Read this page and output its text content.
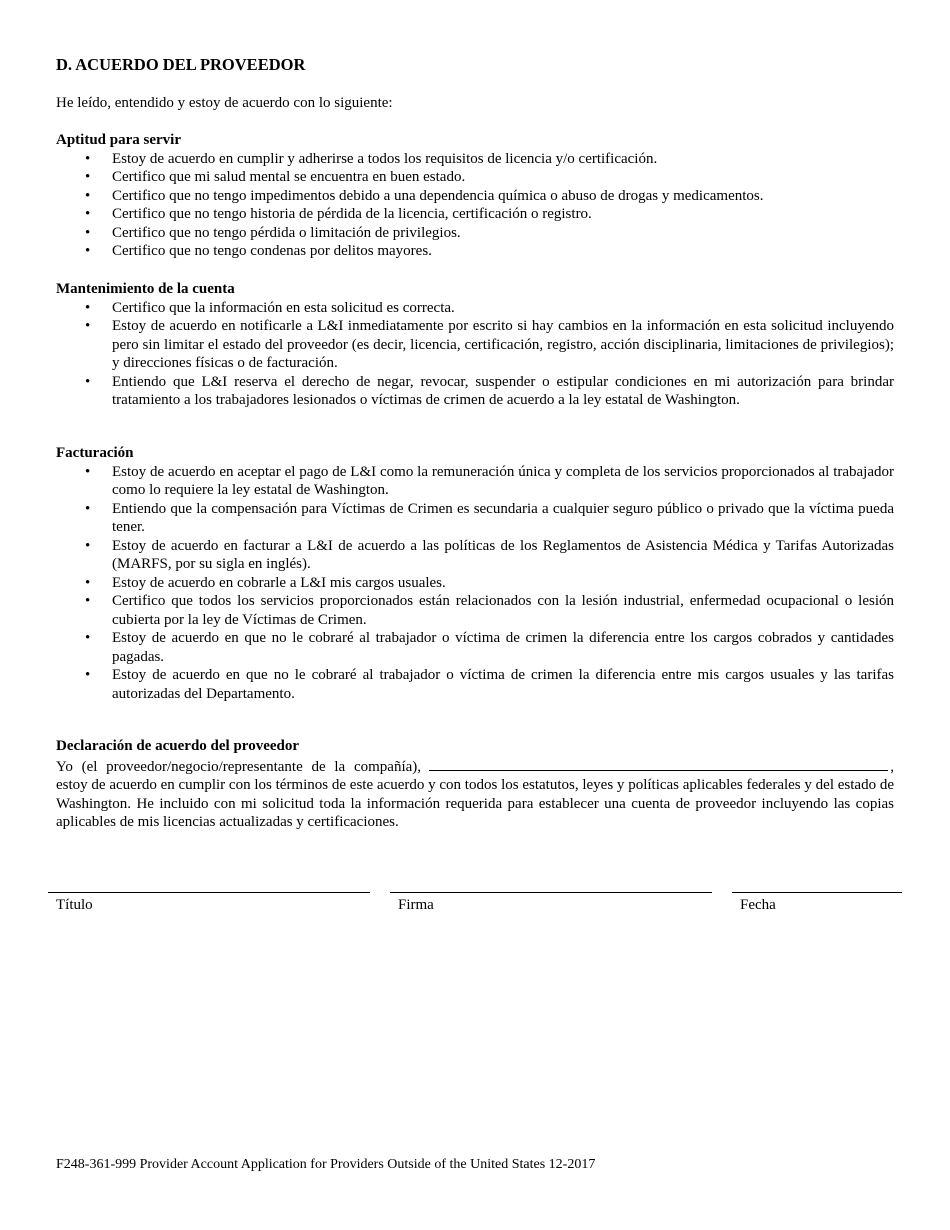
D. ACUERDO DEL PROVEEDOR

He leído, entendido y estoy de acuerdo con lo siguiente:

Aptitud para servir
• Estoy de acuerdo en cumplir y adherirse a todos los requisitos de licencia y/o certificación.
• Certifico que mi salud mental se encuentra en buen estado.
• Certifico que no tengo impedimentos debido a una dependencia química o abuso de drogas y medicamentos.
• Certifico que no tengo historia de pérdida de la licencia, certificación o registro.
• Certifico que no tengo pérdida o limitación de privilegios.
• Certifico que no tengo condenas por delitos mayores.
Mantenimiento de la cuenta
• Certifico que la información en esta solicitud es correcta.
• Estoy de acuerdo en notificarle a L&I inmediatamente por escrito si hay cambios en la información en esta solicitud incluyendo pero sin limitar el estado del proveedor (es decir, licencia, certificación, registro, acción disciplinaria, limitaciones de privilegios); y direcciones físicas o de facturación.
• Entiendo que L&I reserva el derecho de negar, revocar, suspender o estipular condiciones en mi autorización para brindar tratamiento a los trabajadores lesionados o víctimas de crimen de acuerdo a la ley estatal de Washington.
Facturación
• Estoy de acuerdo en aceptar el pago de L&I como la remuneración única y completa de los servicios proporcionados al trabajador como lo requiere la ley estatal de Washington.
• Entiendo que la compensación para Víctimas de Crimen es secundaria a cualquier seguro público o privado que la víctima pueda tener.
• Estoy de acuerdo en facturar a L&I de acuerdo a las políticas de los Reglamentos de Asistencia Médica y Tarifas Autorizadas (MARFS, por su sigla en inglés).
• Estoy de acuerdo en cobrarle a L&I mis cargos usuales.
• Certifico que todos los servicios proporcionados están relacionados con la lesión industrial, enfermedad ocupacional o lesión cubierta por la ley de Víctimas de Crimen.
• Estoy de acuerdo en que no le cobraré al trabajador o víctima de crimen la diferencia entre los cargos cobrados y cantidades pagadas.
• Estoy de acuerdo en que no le cobraré al trabajador o víctima de crimen la diferencia entre mis cargos usuales y las tarifas autorizadas del Departamento.
Declaración de acuerdo del proveedor
Yo (el proveedor/negocio/representante de la compañía),	,

estoy de acuerdo en cumplir con los términos de este acuerdo y con todos los estatutos, leyes y políticas aplicables federales y del estado de Washington. He incluido con mi solicitud toda la información requerida para establecer una cuenta de proveedor incluyendo las copias aplicables de mis licencias actualizadas y certificaciones.

Título	Firma	Fecha
F248-361-999 Provider Account Application for Providers Outside of the United States 12-2017
